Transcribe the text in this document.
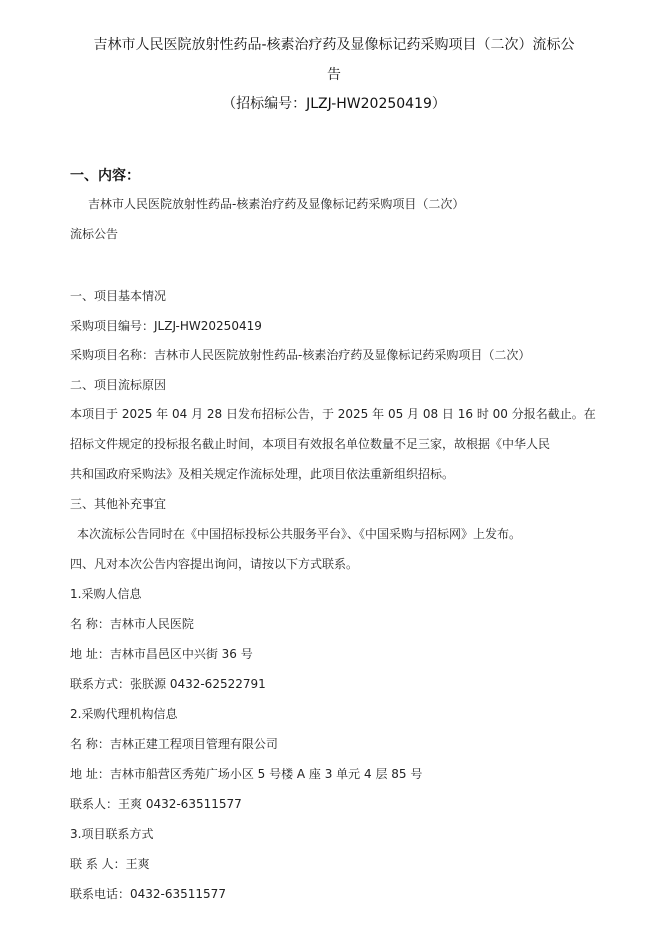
吉林市人民医院放射性药品-核素治疗药及显像标记药采购项目（二次）流标公
告
（招标编号：JLZJ-HW20250419）
一、内容：
吉林市人民医院放射性药品-核素治疗药及显像标记药采购项目（二次）
流标公告
一、项目基本情况
采购项目编号：JLZJ-HW20250419
采购项目名称：吉林市人民医院放射性药品-核素治疗药及显像标记药采购项目（二次）
二、项目流标原因
本项目于 2025 年 04 月 28 日发布招标公告，于 2025 年 05 月 08 日 16 时 00 分报名截止。在
招标文件规定的投标报名截止时间，本项目有效报名单位数量不足三家，故根据《中华人民
共和国政府采购法》及相关规定作流标处理，此项目依法重新组织招标。
三、其他补充事宜
本次流标公告同时在《中国招标投标公共服务平台》、《中国采购与招标网》上发布。
四、凡对本次公告内容提出询问，请按以下方式联系。
1.采购人信息
名 称：吉林市人民医院
地 址：吉林市昌邑区中兴街 36 号
联系方式：张朕源 0432-62522791
2.采购代理机构信息
名 称：吉林正建工程项目管理有限公司
地 址：吉林市船营区秀苑广场小区 5 号楼 A 座 3 单元 4 层 85 号
联系人：王爽 0432-63511577
3.项目联系方式
联 系 人：王爽
联系电话：0432-63511577
